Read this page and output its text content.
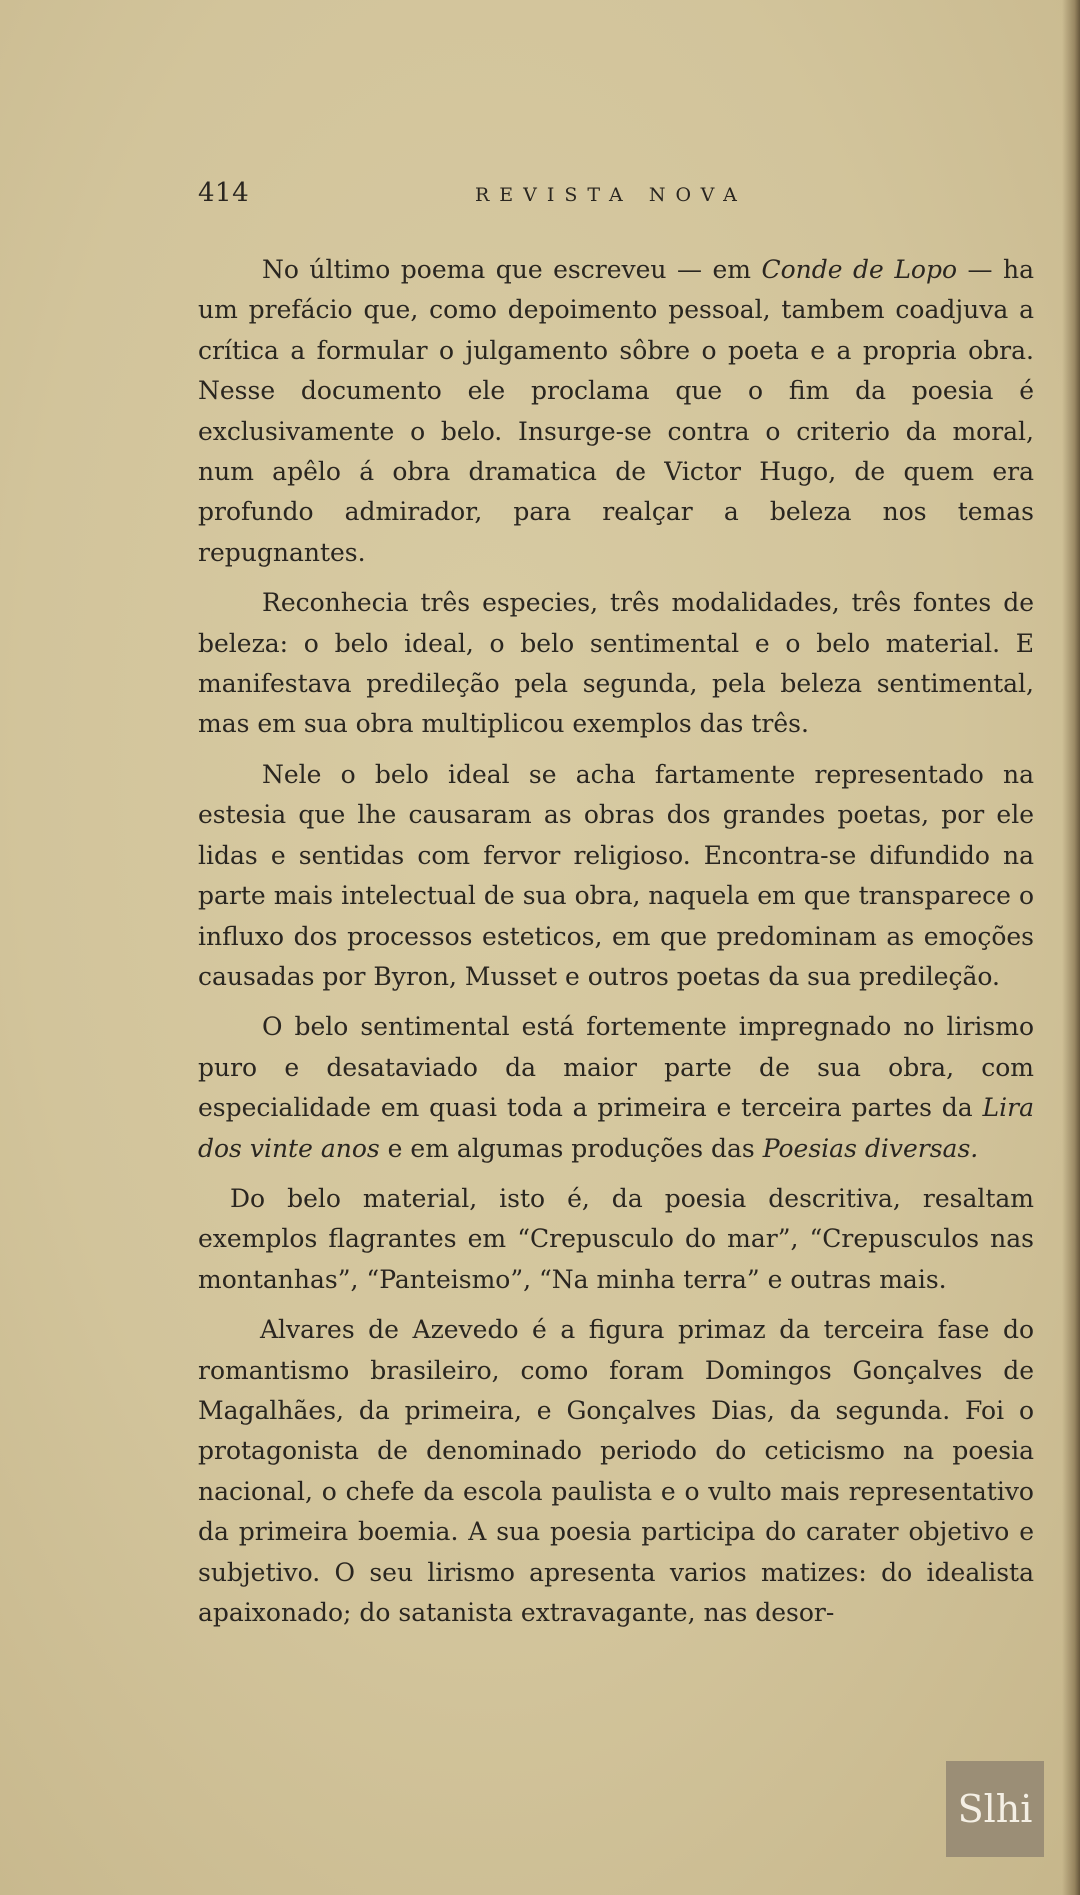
414	REVISTA NOVA

No último poema que escreveu — em Conde de Lopo — ha um prefácio que, como depoimento pessoal, tambem coadjuva a crítica a formular o julgamento sôbre o poeta e a propria obra. Nesse documento ele proclama que o fim da poesia é exclusivamente o belo. Insurge-se contra o criterio da moral, num apêlo á obra dramatica de Victor Hugo, de quem era profundo admirador, para realçar a beleza nos temas repugnantes.

Reconhecia três especies, três modalidades, três fontes de beleza: o belo ideal, o belo sentimental e o belo material. E manifestava predileção pela segunda, pela beleza sentimental, mas em sua obra multiplicou exemplos das três.

Nele o belo ideal se acha fartamente representado na estesia que lhe causaram as obras dos grandes poetas, por ele lidas e sentidas com fervor religioso. Encontra-se difundido na parte mais intelectual de sua obra, naquela em que transparece o influxo dos processos esteticos, em que predominam as emoções causadas por Byron, Musset e outros poetas da sua predileção.

O belo sentimental está fortemente impregnado no lirismo puro e desataviado da maior parte de sua obra, com especialidade em quasi toda a primeira e terceira partes da Lira dos vinte anos e em algumas produções das Poesias diversas.

Do belo material, isto é, da poesia descritiva, resaltam exemplos flagrantes em “Crepusculo do mar”, “Crepusculos nas montanhas”, “Panteismo”, “Na minha terra” e outras mais.

Alvares de Azevedo é a figura primaz da terceira fase do romantismo brasileiro, como foram Domingos Gonçalves de Magalhães, da primeira, e Gonçalves Dias, da segunda. Foi o protagonista de denominado periodo do ceticismo na poesia nacional, o chefe da escola paulista e o vulto mais representativo da primeira boemia. A sua poesia participa do carater objetivo e subjetivo. O seu lirismo apresenta varios matizes: do idealista apaixonado; do satanista extravagante, nas desor-

Slhi
